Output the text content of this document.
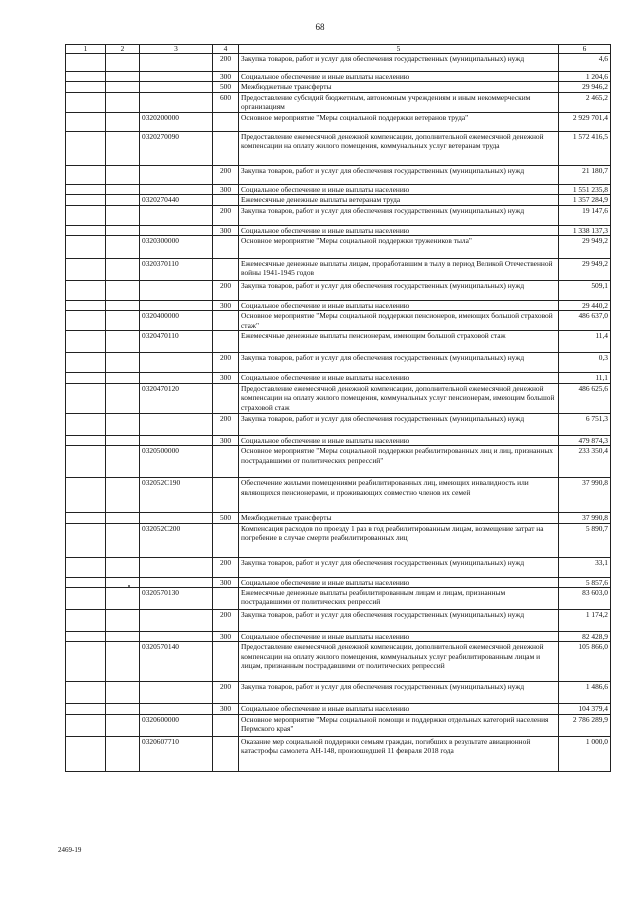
68
1	2	3	4	5	6
			200	Закупка товаров, работ и услуг для обеспечения государственных (муниципальных) нужд	4,6
			300	Социальное обеспечение и иные выплаты населению	1 204,6
			500	Межбюджетные трансферты	29 946,2
			600	Предоставление субсидий бюджетным, автономным учреждениям и иным некоммерческим организациям	2 465,2
		0320200000		Основное мероприятие "Меры социальной поддержки ветеранов труда"	2 929 701,4
		0320270090		Предоставление ежемесячной денежной компенсации, дополнительной ежемесячной денежной компенсации на оплату жилого помещения, коммунальных услуг ветеранам труда	1 572 416,5
			200	Закупка товаров, работ и услуг для обеспечения государственных (муниципальных) нужд	21 180,7
			300	Социальное обеспечение и иные выплаты населению	1 551 235,8
		0320270440		Ежемесячные денежные выплаты ветеранам труда	1 357 284,9
			200	Закупка товаров, работ и услуг для обеспечения государственных (муниципальных) нужд	19 147,6
			300	Социальное обеспечение и иные выплаты населению	1 338 137,3
		0320300000		Основное мероприятие "Меры социальной поддержки тружеников тыла"	29 949,2
		0320370110		Ежемесячные денежные выплаты лицам, проработавшим в тылу в период Великой Отечественной войны 1941-1945 годов	29 949,2
			200	Закупка товаров, работ и услуг для обеспечения государственных (муниципальных) нужд	509,1
			300	Социальное обеспечение и иные выплаты населению	29 440,2
		0320400000		Основное мероприятие "Меры социальной поддержки пенсионеров, имеющих большой страховой стаж"	486 637,0
		0320470110		Ежемесячные денежные выплаты пенсионерам, имеющим большой страховой стаж	11,4
			200	Закупка товаров, работ и услуг для обеспечения государственных (муниципальных) нужд	0,3
			300	Социальное обеспечение и иные выплаты населению	11,1
		0320470120		Предоставление ежемесячной денежной компенсации, дополнительной ежемесячной денежной компенсации на оплату жилого помещения, коммунальных услуг пенсионерам, имеющим большой страховой стаж	486 625,6
			200	Закупка товаров, работ и услуг для обеспечения государственных (муниципальных) нужд	6 751,3
			300	Социальное обеспечение и иные выплаты населению	479 874,3
		0320500000		Основное мероприятие "Меры социальной поддержки реабилитированных лиц и лиц, признанных пострадавшими от политических репрессий"	233 350,4
		032052С190		Обеспечение жилыми помещениями реабилитированных лиц, имеющих инвалидность или являющихся пенсионерами, и проживающих совместно членов их семей	37 990,8
			500	Межбюджетные трансферты	37 990,8
		032052С200		Компенсация расходов по проезду 1 раз в год реабилитированным лицам, возмещение затрат на погребение в случае смерти реабилитированных лиц	5 890,7
			200	Закупка товаров, работ и услуг для обеспечения государственных (муниципальных) нужд	33,1
			300	Социальное обеспечение и иные выплаты населению	5 857,6
		0320570130		Ежемесячные денежные выплаты реабилитированным лицам и лицам, признанным пострадавшими от политических репрессий	83 603,0
			200	Закупка товаров, работ и услуг для обеспечения государственных (муниципальных) нужд	1 174,2
			300	Социальное обеспечение и иные выплаты населению	82 428,9
		0320570140		Предоставление ежемесячной денежной компенсации, дополнительной ежемесячной денежной компенсации на оплату жилого помещения, коммунальных услуг реабилитированным лицам и лицам, признанным пострадавшими от политических репрессий	105 866,0
			200	Закупка товаров, работ и услуг для обеспечения государственных (муниципальных) нужд	1 486,6
			300	Социальное обеспечение и иные выплаты населению	104 379,4
		0320600000		Основное мероприятие "Меры социальной помощи и поддержки отдельных категорий населения Пермского края"	2 786 289,9
		0320607710		Оказание мер социальной поддержки семьям граждан, погибших в результате авиационной катастрофы самолета АН-148, произошедшей 11 февраля 2018 года	1 000,0
2469-19
